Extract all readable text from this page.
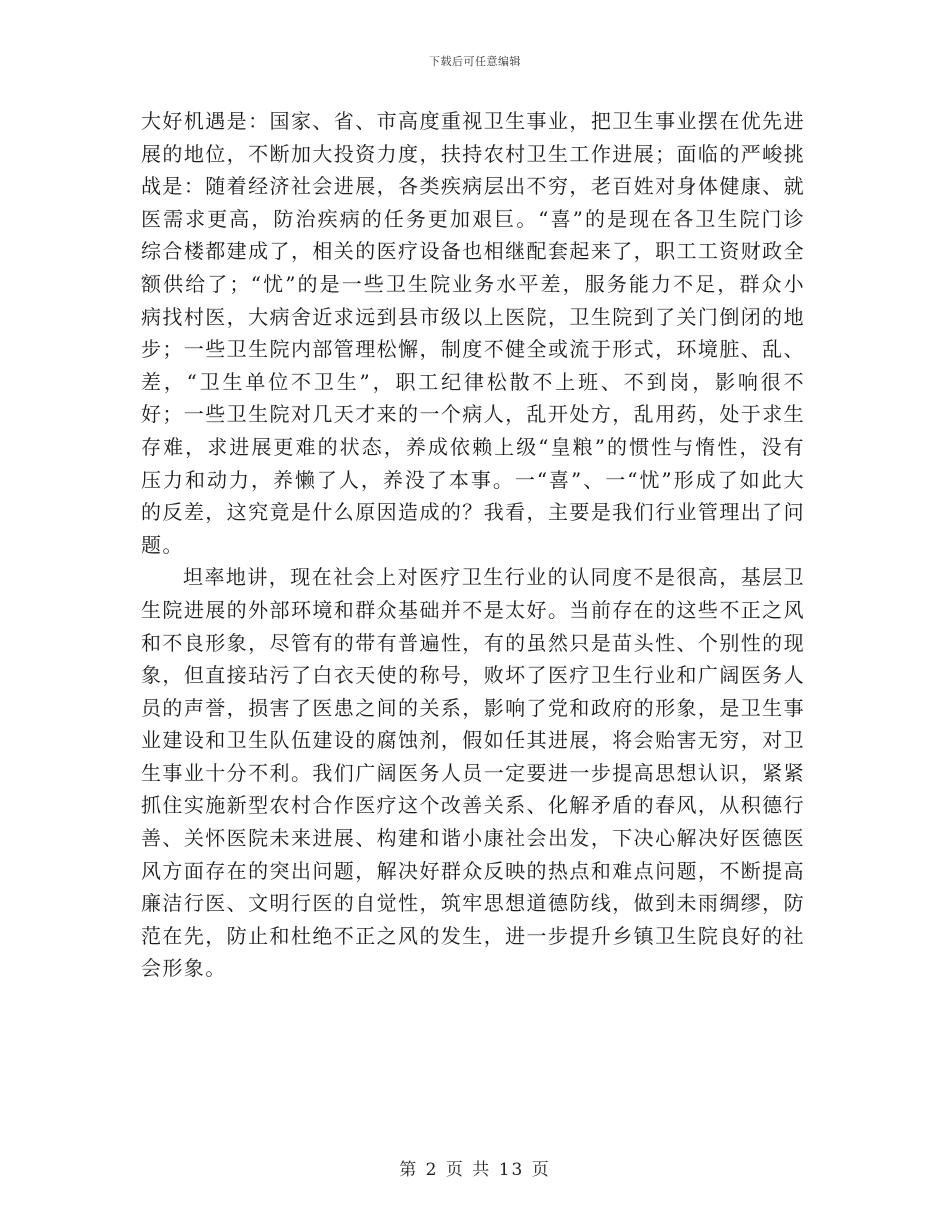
下载后可任意编辑

大好机遇是：国家、省、市高度重视卫生事业，把卫生事业摆在优先进展的地位，不断加大投资力度，扶持农村卫生工作进展；面临的严峻挑战是：随着经济社会进展，各类疾病层出不穷，老百姓对身体健康、就医需求更高，防治疾病的任务更加艰巨。“喜”的是现在各卫生院门诊综合楼都建成了，相关的医疗设备也相继配套起来了，职工工资财政全额供给了；“忧”的是一些卫生院业务水平差，服务能力不足，群众小病找村医，大病舍近求远到县市级以上医院，卫生院到了关门倒闭的地步；一些卫生院内部管理松懈，制度不健全或流于形式，环境脏、乱、差，“卫生单位不卫生”，职工纪律松散不上班、不到岗，影响很不好；一些卫生院对几天才来的一个病人，乱开处方，乱用药，处于求生存难，求进展更难的状态，养成依赖上级“皇粮”的惯性与惰性，没有压力和动力，养懒了人，养没了本事。一“喜”、一“忧”形成了如此大的反差，这究竟是什么原因造成的？我看，主要是我们行业管理出了问题。

坦率地讲，现在社会上对医疗卫生行业的认同度不是很高，基层卫生院进展的外部环境和群众基础并不是太好。当前存在的这些不正之风和不良形象，尽管有的带有普遍性，有的虽然只是苗头性、个别性的现象，但直接玷污了白衣天使的称号，败坏了医疗卫生行业和广阔医务人员的声誉，损害了医患之间的关系，影响了党和政府的形象，是卫生事业建设和卫生队伍建设的腐蚀剂，假如任其进展，将会贻害无穷，对卫生事业十分不利。我们广阔医务人员一定要进一步提高思想认识，紧紧抓住实施新型农村合作医疗这个改善关系、化解矛盾的春风，从积德行善、关怀医院未来进展、构建和谐小康社会出发，下决心解决好医德医风方面存在的突出问题，解决好群众反映的热点和难点问题，不断提高廉洁行医、文明行医的自觉性，筑牢思想道德防线，做到未雨绸缪，防范在先，防止和杜绝不正之风的发生，进一步提升乡镇卫生院良好的社会形象。

第 2 页 共 13 页
